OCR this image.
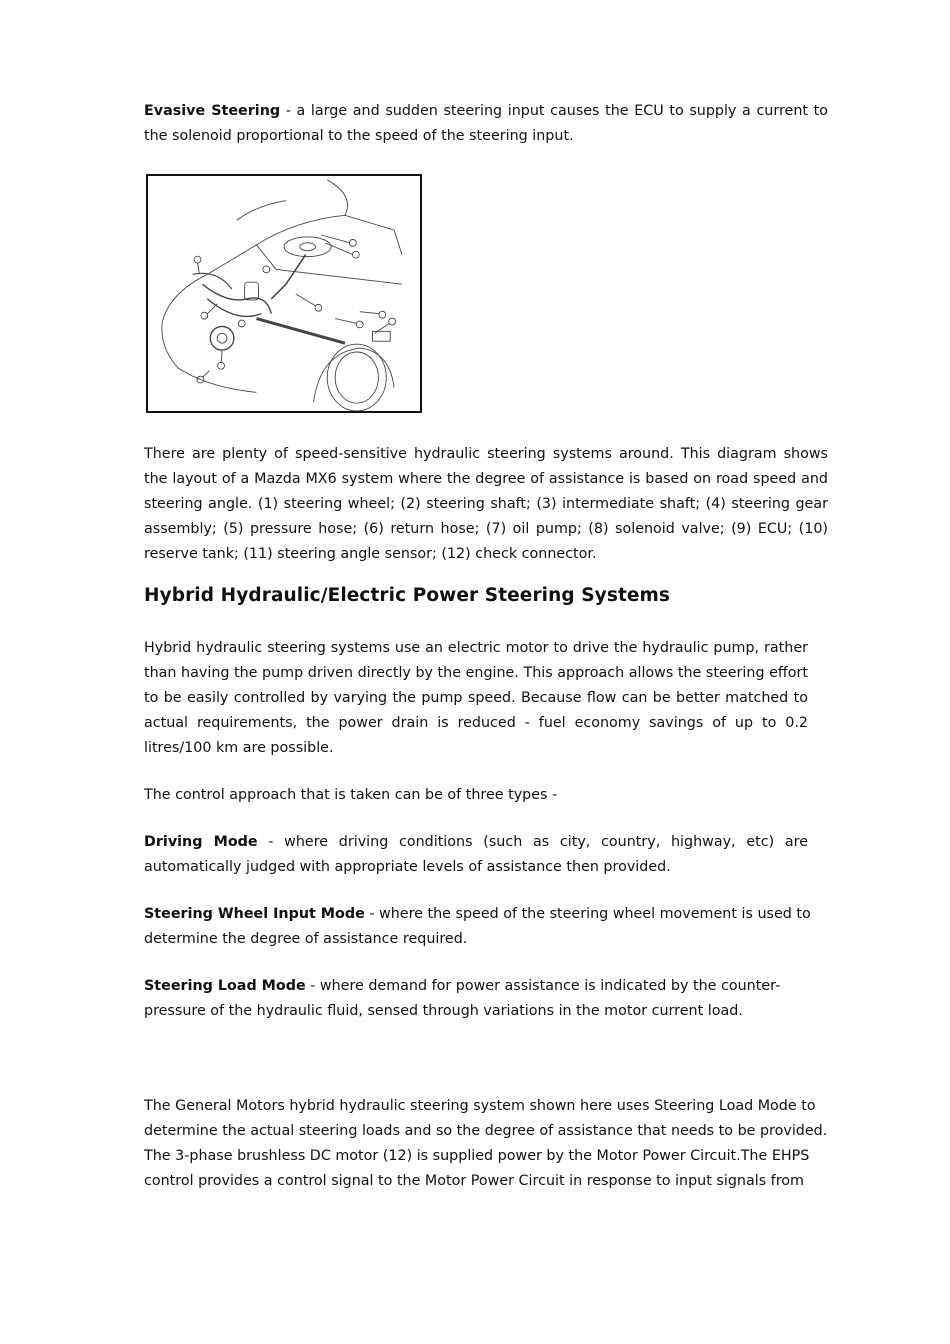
Evasive Steering - a large and sudden steering input causes the ECU to supply a current to the solenoid proportional to the speed of the steering input.

There are plenty of speed-sensitive hydraulic steering systems around. This diagram shows the layout of a Mazda MX6 system where the degree of assistance is based on road speed and steering angle. (1) steering wheel; (2) steering shaft; (3) intermediate shaft; (4) steering gear assembly; (5) pressure hose; (6) return hose; (7) oil pump; (8) solenoid valve; (9) ECU; (10) reserve tank; (11) steering angle sensor; (12) check connector.

Hybrid Hydraulic/Electric Power Steering Systems

Hybrid hydraulic steering systems use an electric motor to drive the hydraulic pump, rather than having the pump driven directly by the engine. This approach allows the steering effort to be easily controlled by varying the pump speed. Because flow can be better matched to actual requirements, the power drain is reduced - fuel economy savings of up to 0.2 litres/100 km are possible.

The control approach that is taken can be of three types -

Driving Mode - where driving conditions (such as city, country, highway, etc) are automatically judged with appropriate levels of assistance then provided.

Steering Wheel Input Mode - where the speed of the steering wheel movement is used to determine the degree of assistance required.

Steering Load Mode - where demand for power assistance is indicated by the counter-pressure of the hydraulic fluid, sensed through variations in the motor current load.

The General Motors hybrid hydraulic steering system shown here uses Steering Load Mode to determine the actual steering loads and so the degree of assistance that needs to be provided. The 3-phase brushless DC motor (12) is supplied power by the Motor Power Circuit.The EHPS control provides a control signal to the Motor Power Circuit in response to input signals from
